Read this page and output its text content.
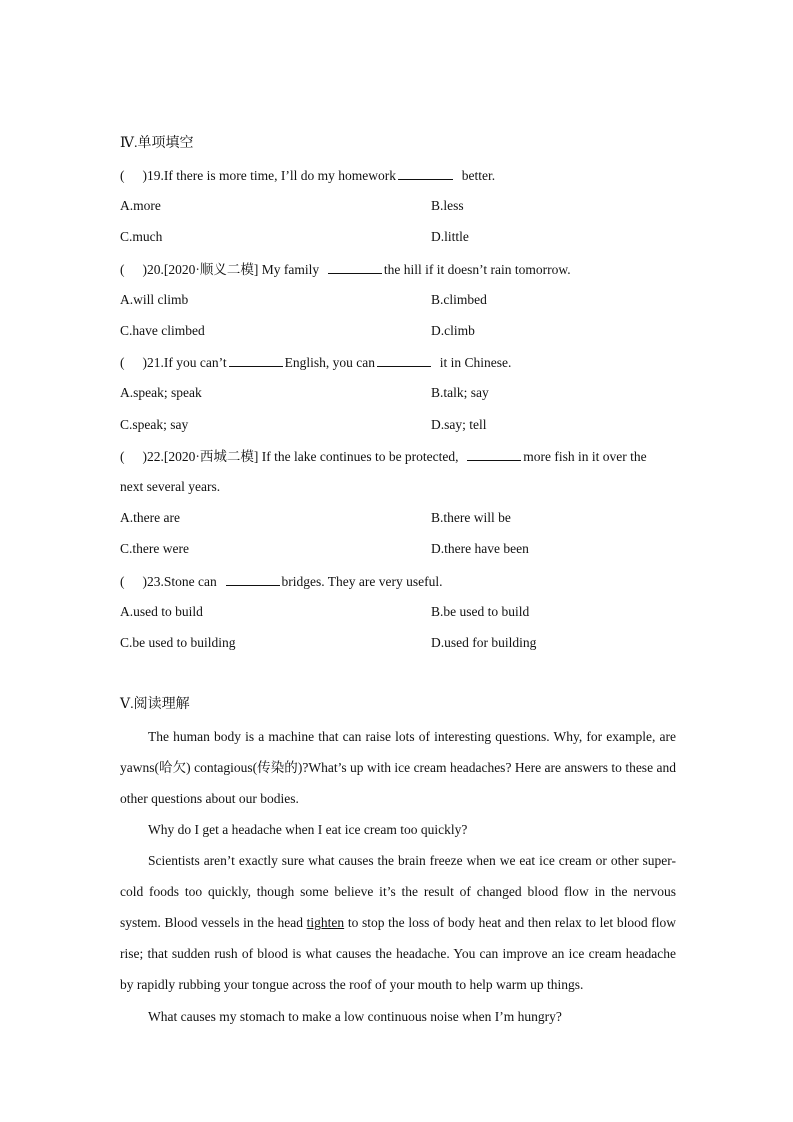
Ⅳ.单项填空
( )19.If there is more time, I’ll do my homework	better.
A.more	B.less
C.much	D.little
( )20.[2020·顺义二模] My family	the hill if it doesn’t rain tomorrow.
A.will climb	B.climbed
C.have climbed	D.climb
( )21.If you can’t	English, you can	it in Chinese.
A.speak; speak	B.talk; say
C.speak; say	D.say; tell
( )22.[2020·西城二模] If the lake continues to be protected,	more fish in it over the
next several years.
A.there are	B.there will be
C.there were	D.there have been
( )23.Stone can	bridges. They are very useful.
A.used to build	B.be used to build
C.be used to building	D.used for building
Ⅴ.阅读理解
The human body is a machine that can raise lots of interesting questions. Why, for example, are yawns(哈欠) contagious(传染的)?What’s up with ice cream headaches? Here are answers to these and other questions about our bodies.
Why do I get a headache when I eat ice cream too quickly?
Scientists aren’t exactly sure what causes the brain freeze when we eat ice cream or other super-cold foods too quickly, though some believe it’s the result of changed blood flow in the nervous system. Blood vessels in the head tighten to stop the loss of body heat and then relax to let blood flow rise; that sudden rush of blood is what causes the headache. You can improve an ice cream headache by rapidly rubbing your tongue across the roof of your mouth to help warm up things.
What causes my stomach to make a low continuous noise when I’m hungry?
